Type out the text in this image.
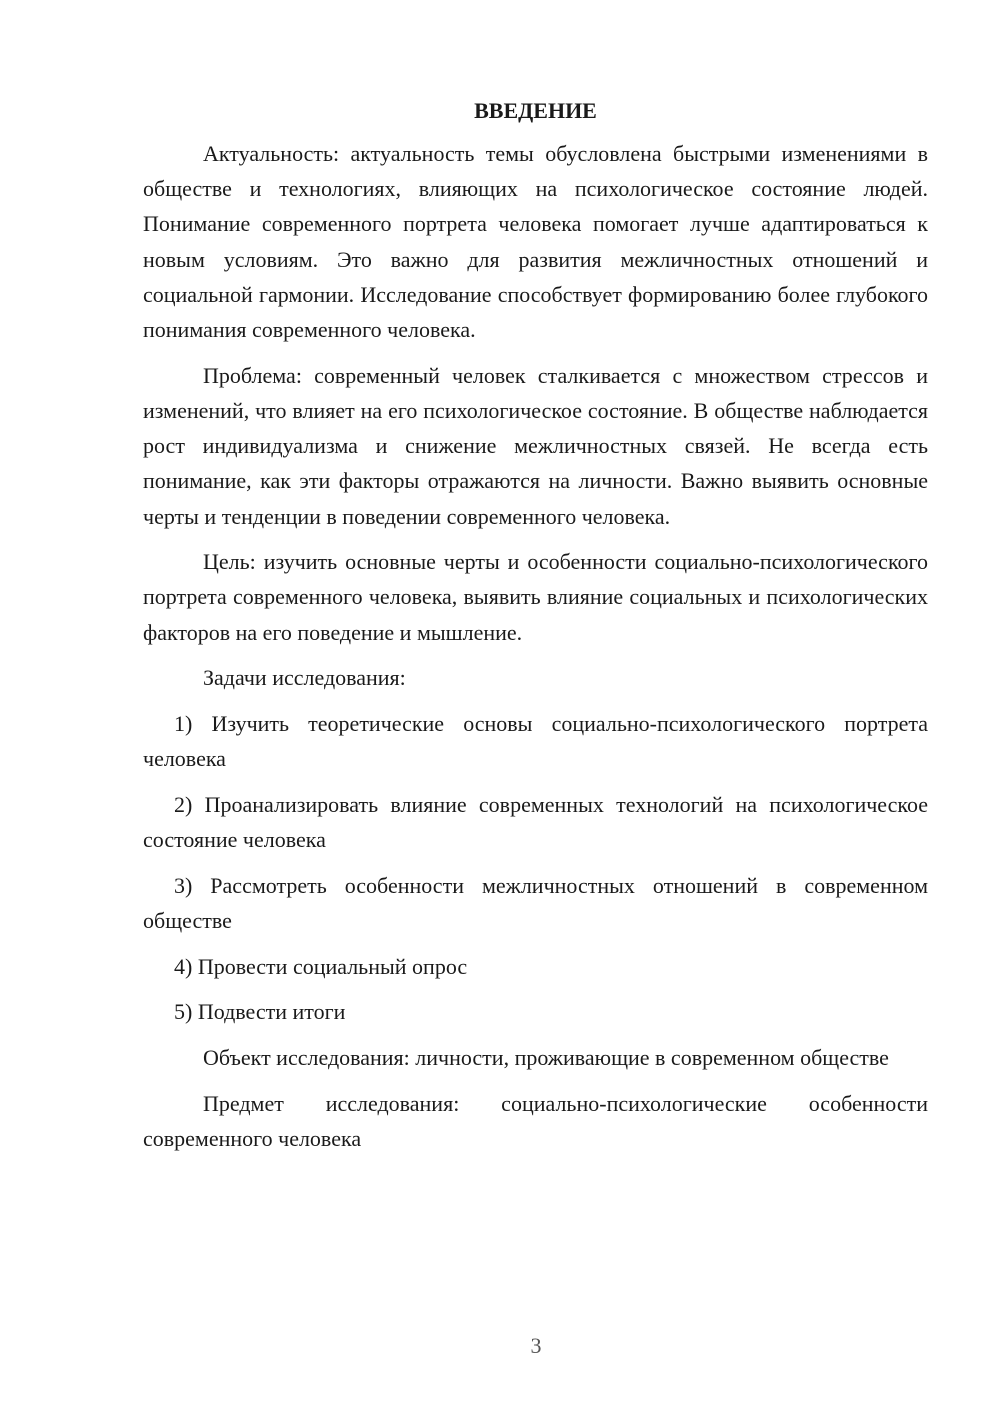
ВВЕДЕНИЕ

Актуальность: актуальность темы обусловлена быстрыми изменениями в обществе и технологиях, влияющих на психологическое состояние людей. Понимание современного портрета человека помогает лучше адаптироваться к новым условиям. Это важно для развития межличностных отношений и социальной гармонии. Исследование способствует формированию более глубокого понимания современного человека.

Проблема: современный человек сталкивается с множеством стрессов и изменений, что влияет на его психологическое состояние. В обществе наблюдается рост индивидуализма и снижение межличностных связей. Не всегда есть понимание, как эти факторы отражаются на личности. Важно выявить основные черты и тенденции в поведении современного человека.

Цель: изучить основные черты и особенности социально-психологического портрета современного человека, выявить влияние социальных и психологических факторов на его поведение и мышление.

Задачи исследования:

1) Изучить теоретические основы социально-психологического портрета человека

2) Проанализировать влияние современных технологий на психологическое состояние человека

3) Рассмотреть особенности межличностных отношений в современном обществе

4) Провести социальный опрос

5) Подвести итоги

Объект исследования: личности, проживающие в современном обществе

Предмет исследования: социально-психологические особенности современного человека

3
